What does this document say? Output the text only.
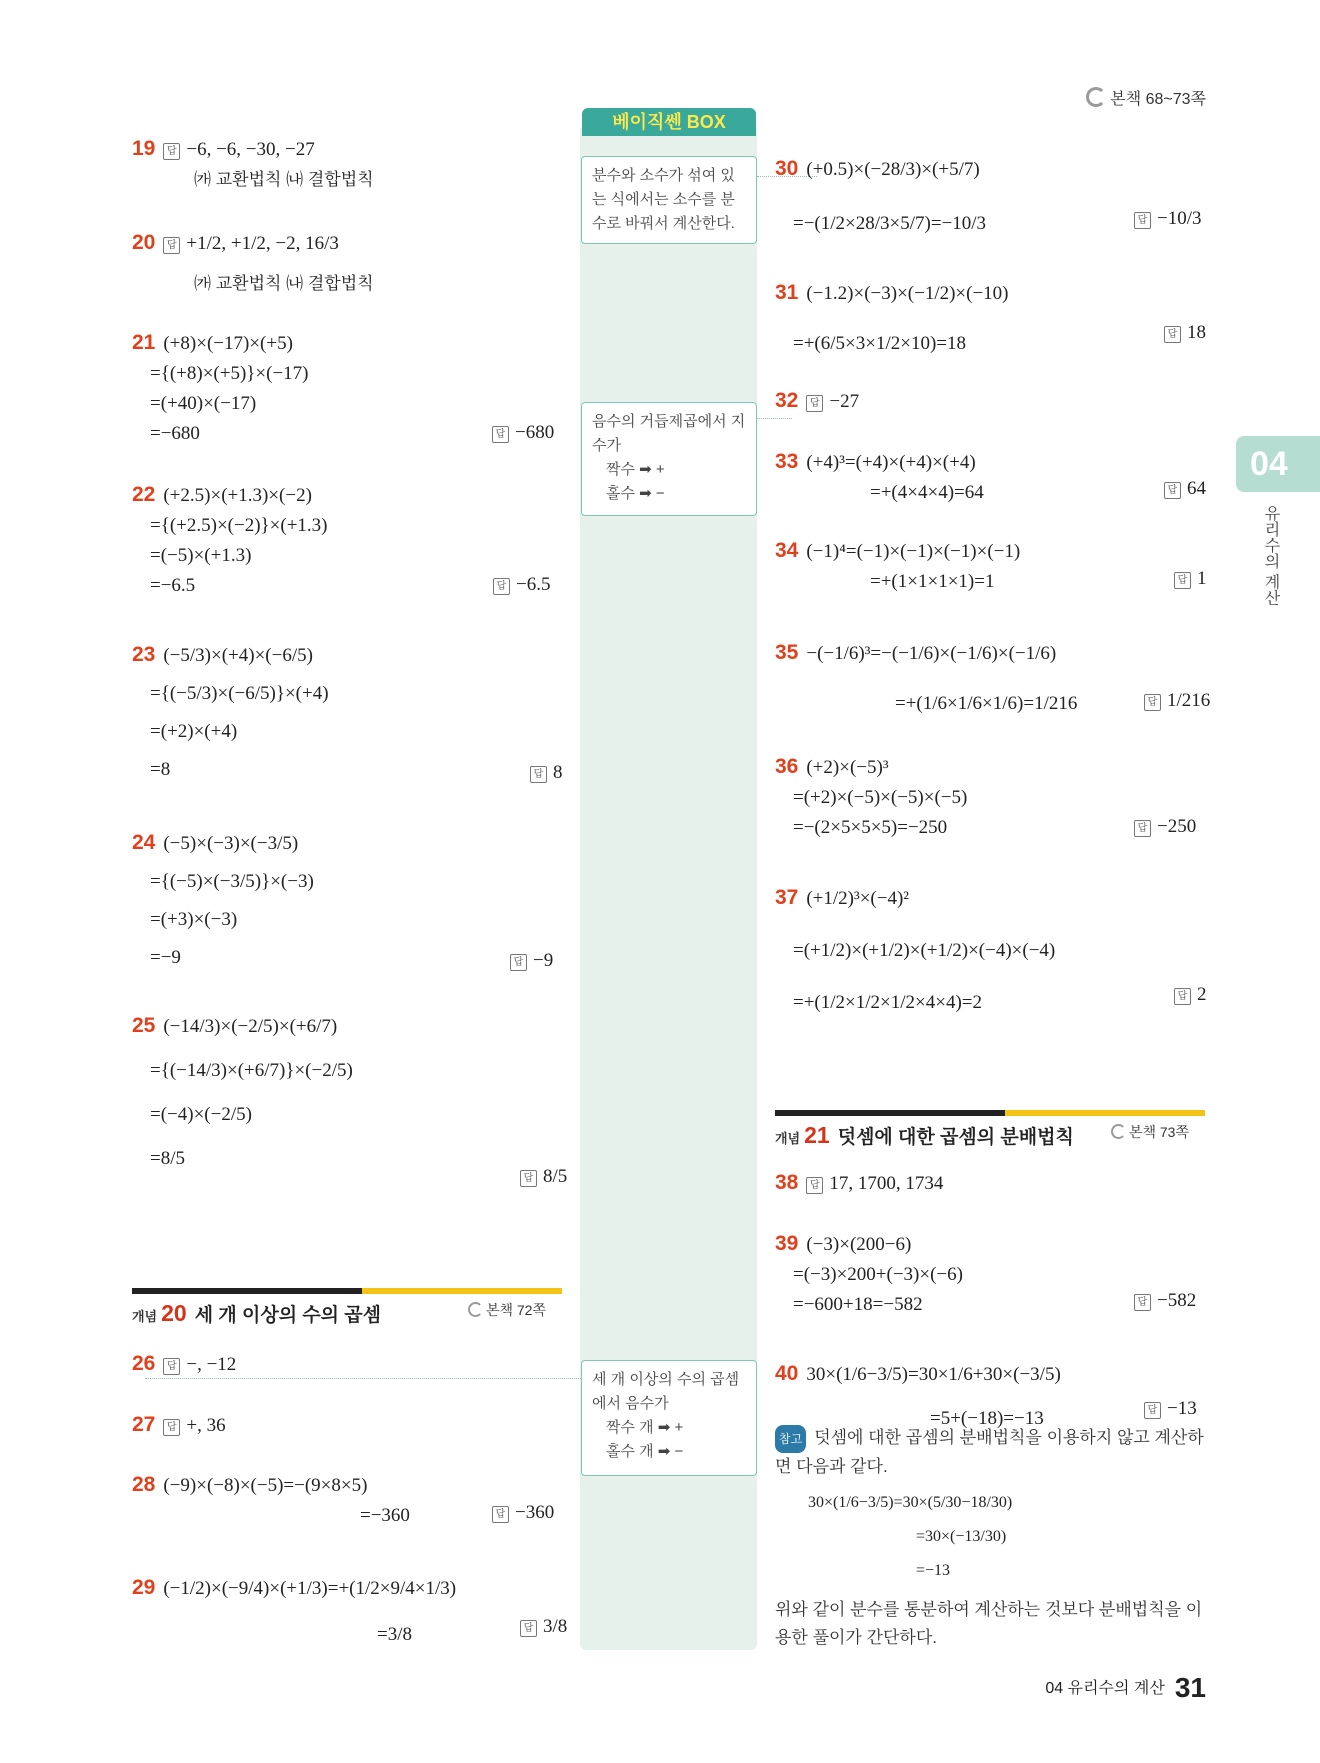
본책 68~73쪽
베이직쎈 BOX
분수와 소수가 섞여 있는 식에서는 소수를 분수로 바꿔서 계산한다.
음수의 거듭제곱에서 지수가
짝수 ➡ +
홀수 ➡ −
세 개 이상의 수의 곱셈에서 음수가
짝수 개 ➡ +
홀수 개 ➡ −
19 답 −6, −6, −30, −27
㈎ 교환법칙 ㈏ 결합법칙
20 답 +1/2, +1/2, −2, 16/3
㈎ 교환법칙 ㈏ 결합법칙
21 (+8)×(−17)×(+5)
={(+8)×(+5)}×(−17)
=(+40)×(−17)
=−680	답 −680
22 (+2.5)×(+1.3)×(−2)
={(+2.5)×(−2)}×(+1.3)
=(−5)×(+1.3)
=−6.5	답 −6.5
23 (−5/3)×(+4)×(−6/5)
={(−5/3)×(−6/5)}×(+4)
=(+2)×(+4)
=8	답 8
24 (−5)×(−3)×(−3/5)
={(−5)×(−3/5)}×(−3)
=(+3)×(−3)
=−9	답 −9
25 (−14/3)×(−2/5)×(+6/7)
={(−14/3)×(+6/7)}×(−2/5)
=(−4)×(−2/5)
=8/5
답 8/5
개념 20 세 개 이상의 수의 곱셈	본책 72쪽
26 답 −, −12
27 답 +, 36
28 (−9)×(−8)×(−5)=−(9×8×5)
=−360	답 −360
29 (−1/2)×(−9/4)×(+1/3)=+(1/2×9/4×1/3)
=3/8	답 3/8
30 (+0.5)×(−28/3)×(+5/7)
=−(1/2×28/3×5/7)=−10/3	답 −10/3
31 (−1.2)×(−3)×(−1/2)×(−10)
=+(6/5×3×1/2×10)=18	답 18
32 답 −27
33 (+4)³=(+4)×(+4)×(+4)
=+(4×4×4)=64	답 64
34 (−1)⁴=(−1)×(−1)×(−1)×(−1)
=+(1×1×1×1)=1	답 1
35 −(−1/6)³=−(−1/6)×(−1/6)×(−1/6)
=+(1/6×1/6×1/6)=1/216	답 1/216
36 (+2)×(−5)³
=(+2)×(−5)×(−5)×(−5)
=−(2×5×5×5)=−250	답 −250
37 (+1/2)³×(−4)²
=(+1/2)×(+1/2)×(+1/2)×(−4)×(−4)
=+(1/2×1/2×1/2×4×4)=2	답 2
개념 21 덧셈에 대한 곱셈의 분배법칙	본책 73쪽
38 답 17, 1700, 1734
39 (−3)×(200−6)
=(−3)×200+(−3)×(−6)
=−600+18=−582	답 −582
40 30×(1/6−3/5)=30×1/6+30×(−3/5)
=5+(−18)=−13	답 −13
참고 덧셈에 대한 곱셈의 분배법칙을 이용하지 않고 계산하면 다음과 같다.
30×(1/6−3/5)=30×(5/30−18/30)
=30×(−13/30)
=−13
위와 같이 분수를 통분하여 계산하는 것보다 분배법칙을 이용한 풀이가 간단하다.
04
유리수의 계산
04 유리수의 계산 31
